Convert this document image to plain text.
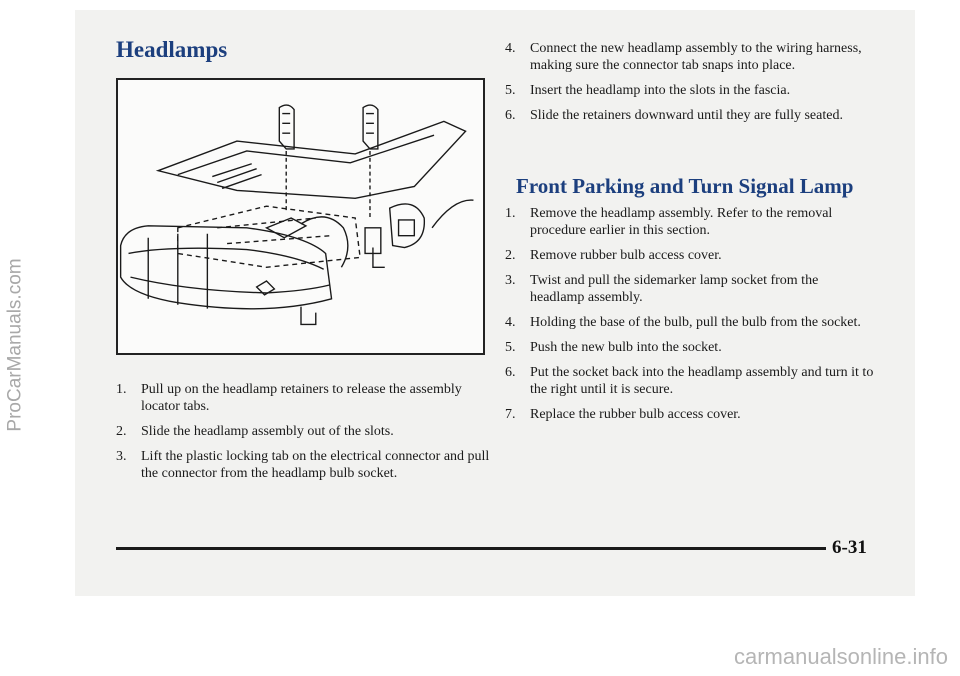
ProCarManuals.com
Headlamps
1. Pull up on the headlamp retainers to release the assembly locator tabs.
2. Slide the headlamp assembly out of the slots.
3. Lift the plastic locking tab on the electrical connector and pull the connector from the headlamp bulb socket.
4. Connect the new headlamp assembly to the wiring harness, making sure the connector tab snaps into place.
5. Insert the headlamp into the slots in the fascia.
6. Slide the retainers downward until they are fully seated.
Front Parking and Turn Signal Lamp
1. Remove the headlamp assembly. Refer to the removal procedure earlier in this section.
2. Remove rubber bulb access cover.
3. Twist and pull the sidemarker lamp socket from the headlamp assembly.
4. Holding the base of the bulb, pull the bulb from the socket.
5. Push the new bulb into the socket.
6. Put the socket back into the headlamp assembly and turn it to the right until it is secure.
7. Replace the rubber bulb access cover.
6-31
carmanualsonline.info
